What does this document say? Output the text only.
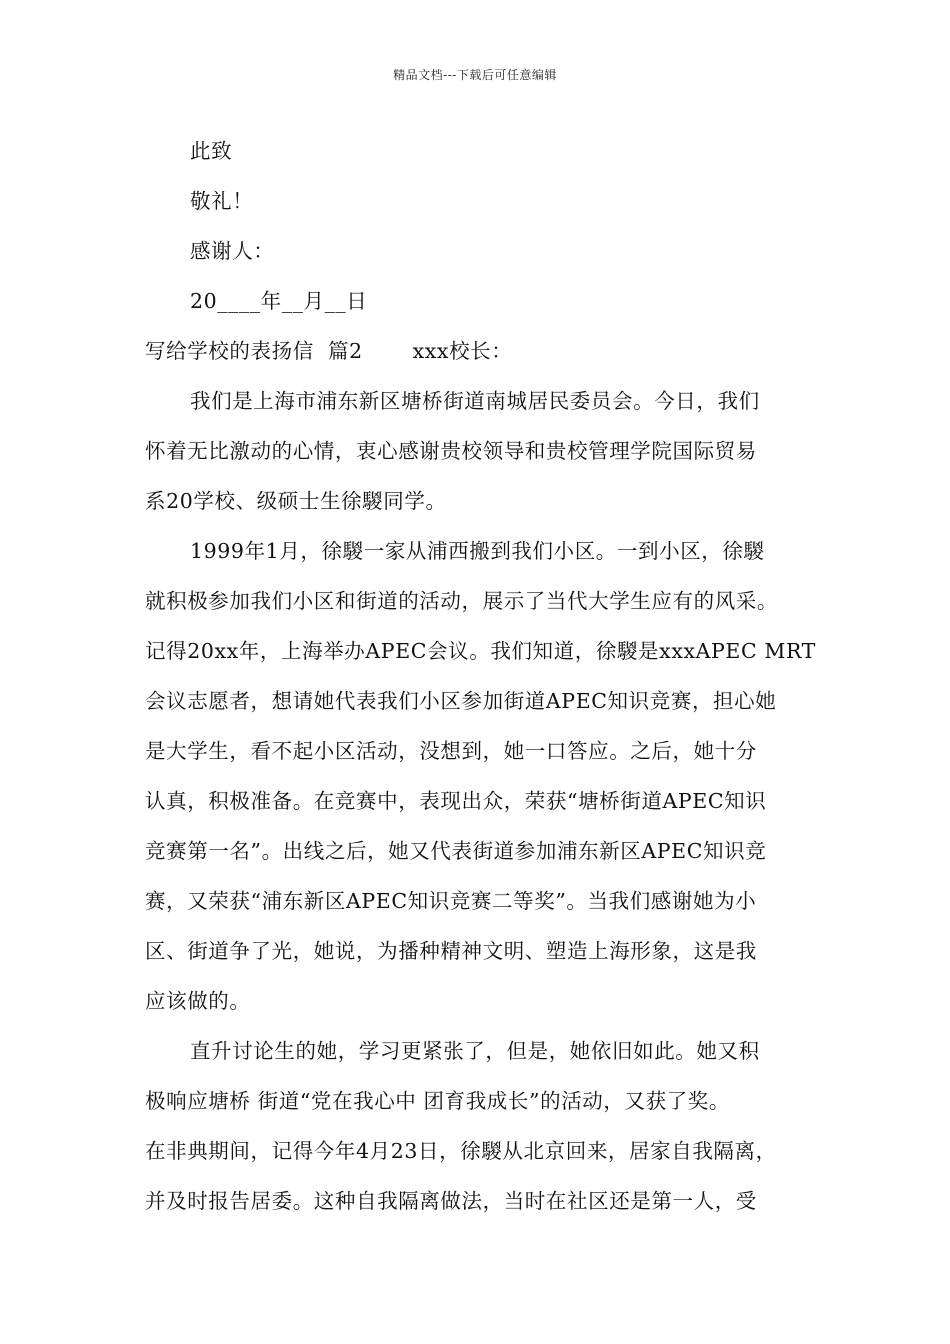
精品文档---下载后可任意编辑
此致
敬礼！
感谢人：
20____年__月__日
写给学校的表扬信  篇2       xxx校长：
我们是上海市浦东新区塘桥街道南城居民委员会。今日，我们
怀着无比激动的心情，衷心感谢贵校领导和贵校管理学院国际贸易
系20学校、级硕士生徐騣同学。
1999年1月，徐騣一家从浦西搬到我们小区。一到小区，徐騣
就积极参加我们小区和街道的活动，展示了当代大学生应有的风采。
记得20xx年，上海举办APEC会议。我们知道，徐騣是xxxAPEC MRT
会议志愿者，想请她代表我们小区参加街道APEC知识竞赛，担心她
是大学生，看不起小区活动，没想到，她一口答应。之后，她十分
认真，积极准备。在竞赛中，表现出众，荣获“塘桥街道APEC知识
竞赛第一名”。出线之后，她又代表街道参加浦东新区APEC知识竞
赛，又荣获“浦东新区APEC知识竞赛二等奖”。当我们感谢她为小
区、街道争了光，她说，为播种精神文明、塑造上海形象，这是我
应该做的。
直升讨论生的她，学习更紧张了，但是，她依旧如此。她又积
极响应塘桥 街道“党在我心中 团育我成长”的活动，又获了奖。
在非典期间，记得今年4月23日，徐騣从北京回来，居家自我隔离，
并及时报告居委。这种自我隔离做法，当时在社区还是第一人，受
